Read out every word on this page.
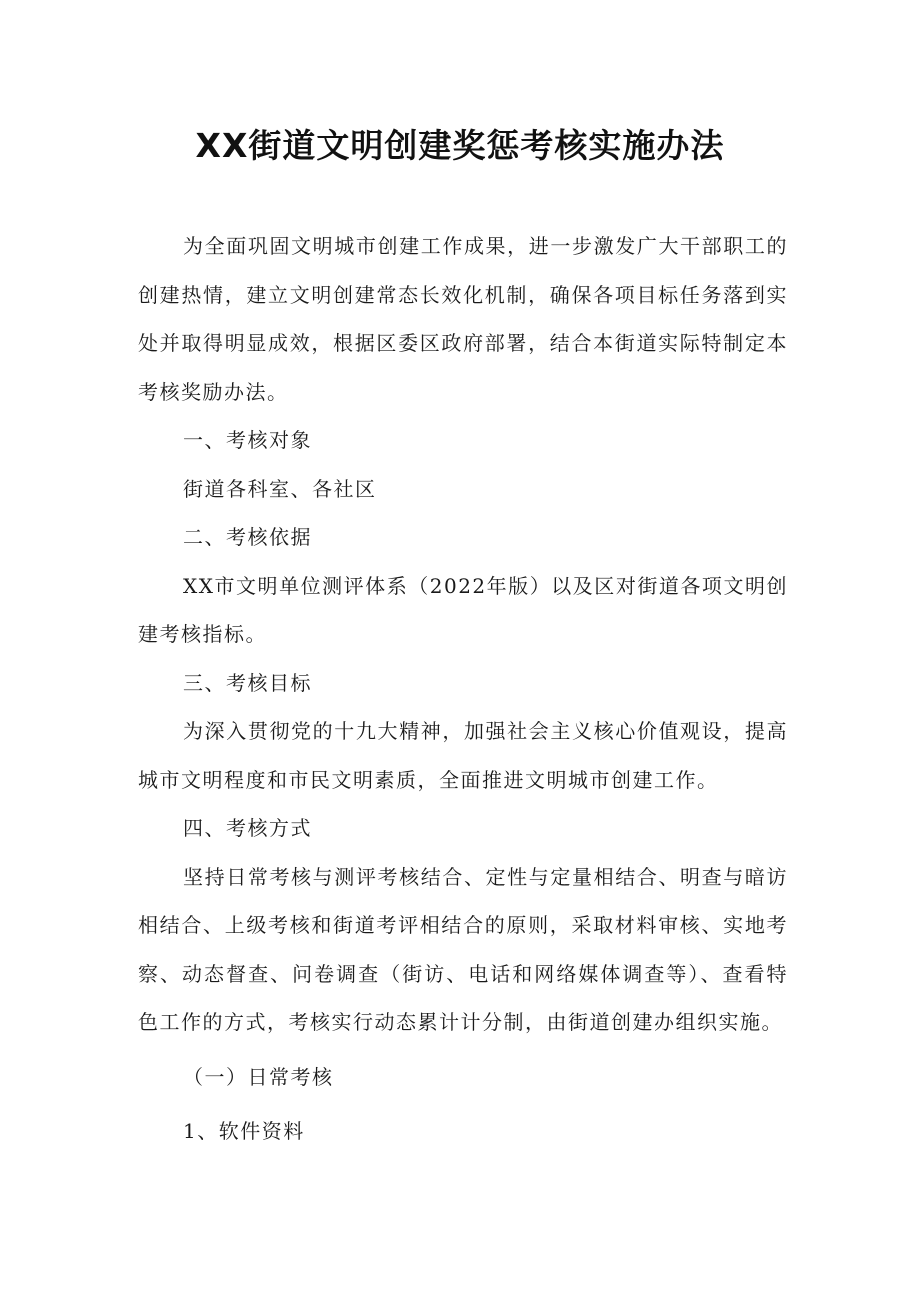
XX街道文明创建奖惩考核实施办法

为全面巩固文明城市创建工作成果，进一步激发广大干部职工的创建热情，建立文明创建常态长效化机制，确保各项目标任务落到实处并取得明显成效，根据区委区政府部署，结合本街道实际特制定本考核奖励办法。

一、考核对象

街道各科室、各社区

二、考核依据

XX市文明单位测评体系（2022年版）以及区对街道各项文明创建考核指标。

三、考核目标

为深入贯彻党的十九大精神，加强社会主义核心价值观设，提高城市文明程度和市民文明素质，全面推进文明城市创建工作。

四、考核方式

坚持日常考核与测评考核结合、定性与定量相结合、明查与暗访相结合、上级考核和街道考评相结合的原则，采取材料审核、实地考察、动态督查、问卷调查（街访、电话和网络媒体调查等）、查看特色工作的方式，考核实行动态累计计分制，由街道创建办组织实施。

（一）日常考核

1、软件资料
